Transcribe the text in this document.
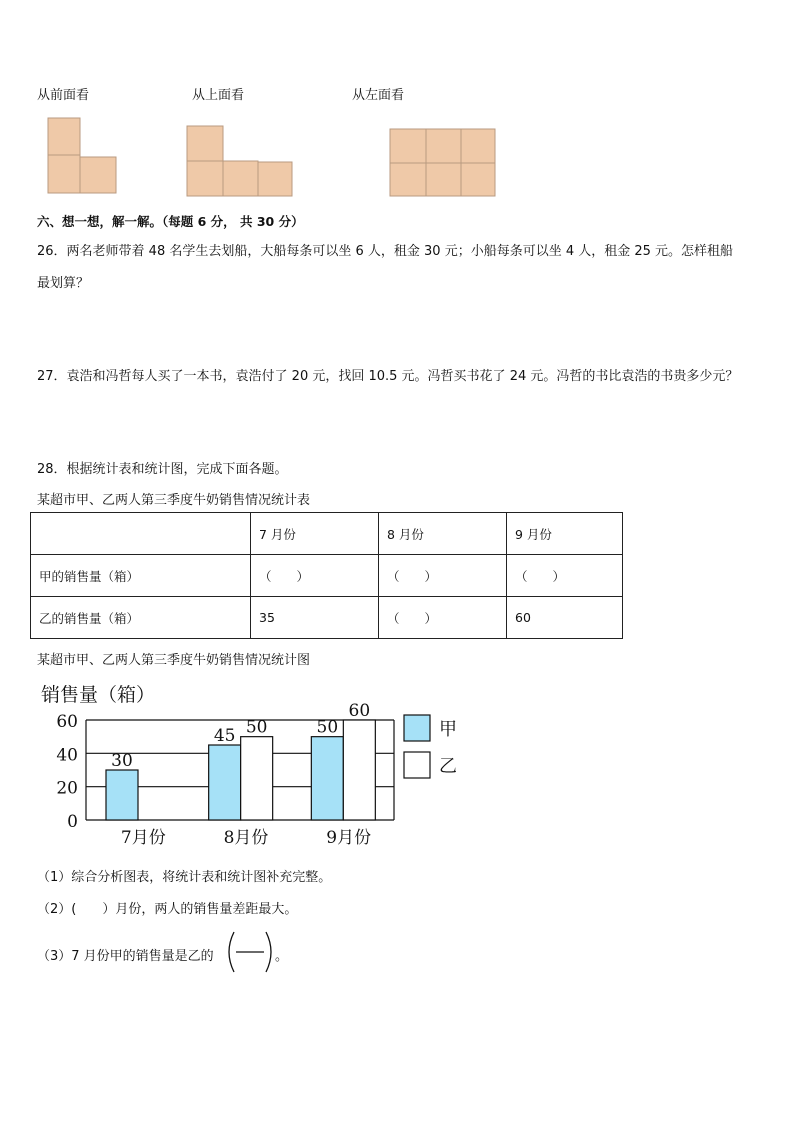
从前面看	从上面看	从左面看
六、想一想，解一解。（每题 6 分， 共 30 分）
26．两名老师带着 48 名学生去划船，大船每条可以坐 6 人，租金 30 元；小船每条可以坐 4 人，租金 25 元。怎样租船
最划算？
27．袁浩和冯哲每人买了一本书，袁浩付了 20 元，找回 10.5 元。冯哲买书花了 24 元。冯哲的书比袁浩的书贵多少元？
28．根据统计表和统计图，完成下面各题。
某超市甲、乙两人第三季度牛奶销售情况统计表
	7 月份	8 月份	9 月份
甲的销售量（箱）	（　　）	（　　）	（　　）
乙的销售量（箱）	35	（　　）	60
某超市甲、乙两人第三季度牛奶销售情况统计图
销售量（箱）
0
20
40
60
30
7月份
45 50
8月份
50
60
9月份
甲
乙
（1）综合分析图表，将统计表和统计图补充完整。
（2）(　　）月份，两人的销售量差距最大。
（3）7 月份甲的销售量是乙的	。
